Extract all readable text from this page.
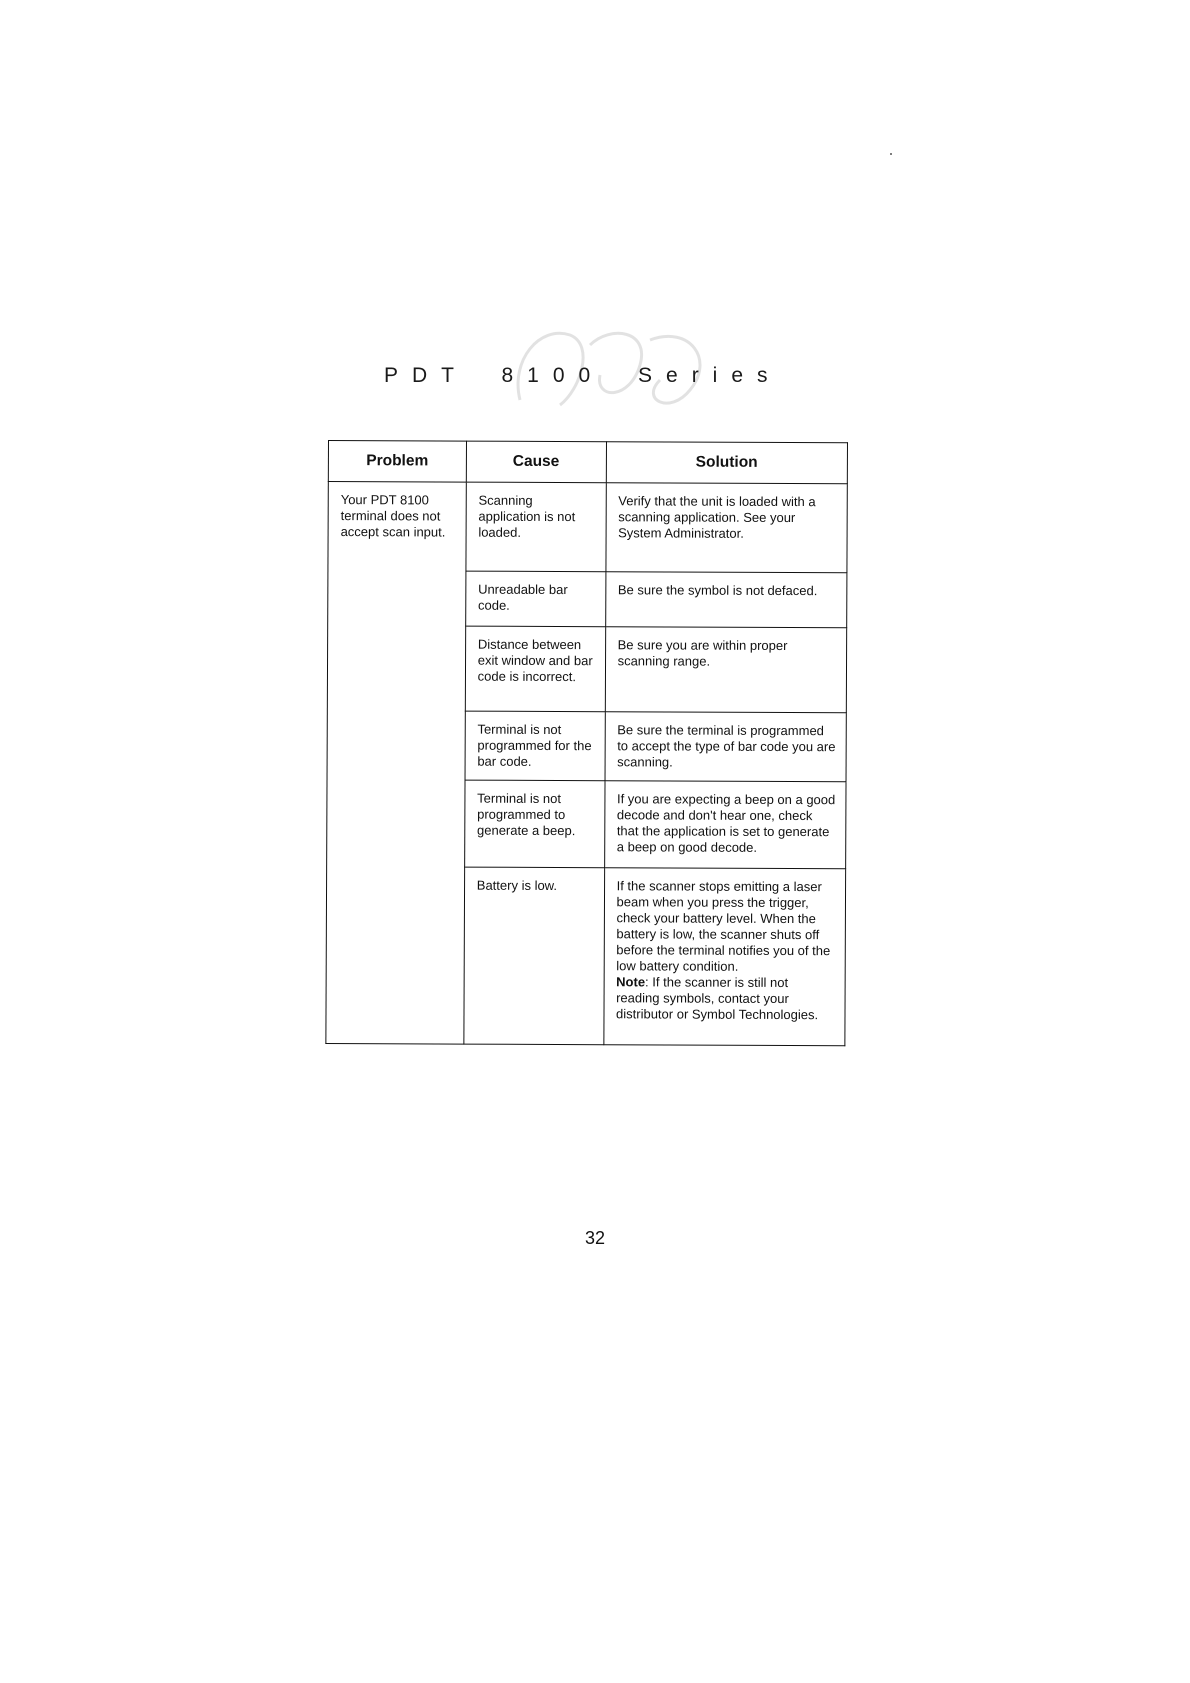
PDT 8100 Series
Problem	Cause	Solution
Your PDT 8100 terminal does not accept scan input.	Scanning application is not loaded.	Verify that the unit is loaded with a scanning application. See your System Administrator.
	Unreadable bar code.	Be sure the symbol is not defaced.
	Distance between exit window and bar code is incorrect.	Be sure you are within proper scanning range.
	Terminal is not programmed for the bar code.	Be sure the terminal is programmed to accept the type of bar code you are scanning.
	Terminal is not programmed to generate a beep.	If you are expecting a beep on a good decode and don't hear one, check that the application is set to generate a beep on good decode.
	Battery is low.	If the scanner stops emitting a laser beam when you press the trigger, check your battery level. When the battery is low, the scanner shuts off before the terminal notifies you of the low battery condition.
Note: If the scanner is still not reading symbols, contact your distributor or Symbol Technologies.
32
